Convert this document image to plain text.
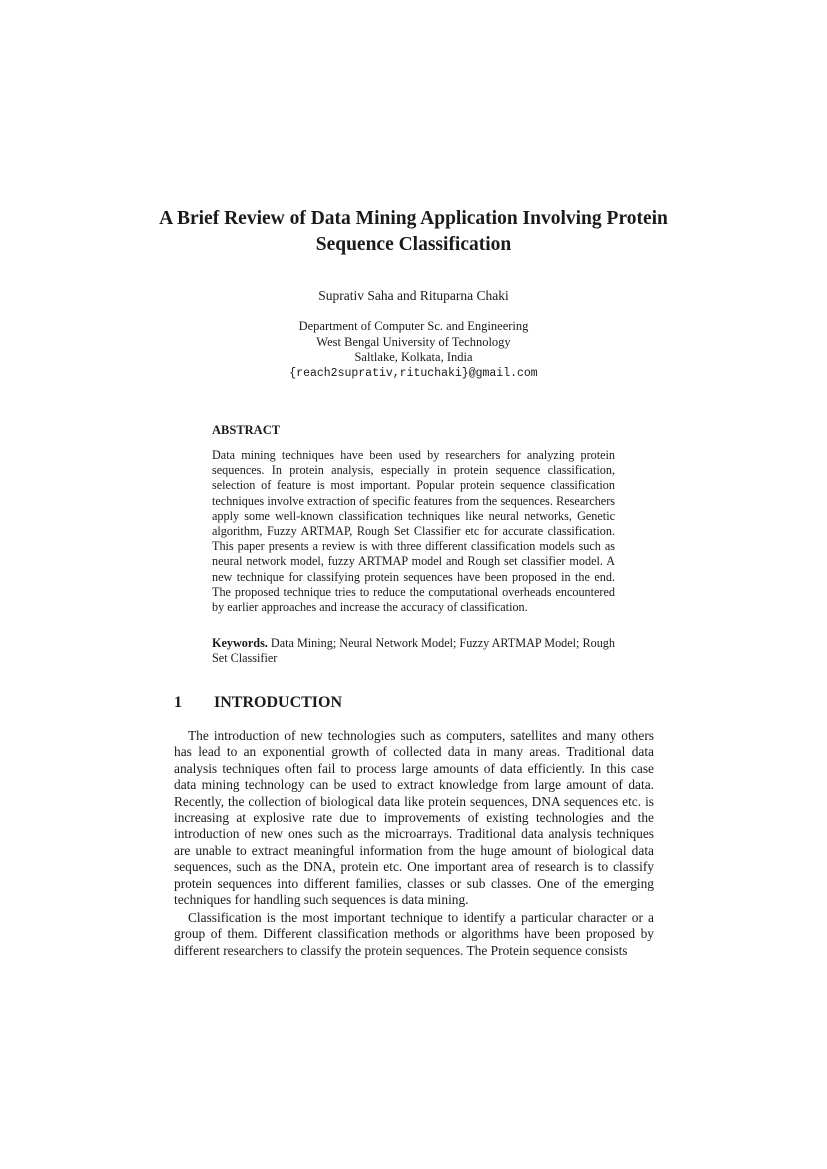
A Brief Review of Data Mining Application Involving Protein Sequence Classification
Suprativ Saha and Rituparna Chaki
Department of Computer Sc. and Engineering
West Bengal University of Technology
Saltlake, Kolkata, India
{reach2suprativ,rituchaki}@gmail.com
ABSTRACT
Data mining techniques have been used by researchers for analyzing protein sequences. In protein analysis, especially in protein sequence classification, selection of feature is most important. Popular protein sequence classification techniques involve extraction of specific features from the sequences. Researchers apply some well-known classification techniques like neural networks, Genetic algorithm, Fuzzy ARTMAP, Rough Set Classifier etc for accurate classification. This paper presents a review is with three different classification models such as neural network model, fuzzy ARTMAP model and Rough set classifier model. A new technique for classifying protein sequences have been proposed in the end. The proposed technique tries to reduce the computational overheads encountered by earlier approaches and increase the accuracy of classification.
Keywords. Data Mining; Neural Network Model; Fuzzy ARTMAP Model; Rough Set Classifier
1 INTRODUCTION

The introduction of new technologies such as computers, satellites and many others has lead to an exponential growth of collected data in many areas. Traditional data analysis techniques often fail to process large amounts of data efficiently. In this case data mining technology can be used to extract knowledge from large amount of data. Recently, the collection of biological data like protein sequences, DNA sequences etc. is increasing at explosive rate due to improvements of existing technologies and the introduction of new ones such as the microarrays. Traditional data analysis techniques are unable to extract meaningful information from the huge amount of biological data sequences, such as the DNA, protein etc. One important area of research is to classify protein sequences into different families, classes or sub classes. One of the emerging techniques for handling such sequences is data mining.

Classification is the most important technique to identify a particular character or a group of them. Different classification methods or algorithms have been proposed by different researchers to classify the protein sequences. The Protein sequence consists
